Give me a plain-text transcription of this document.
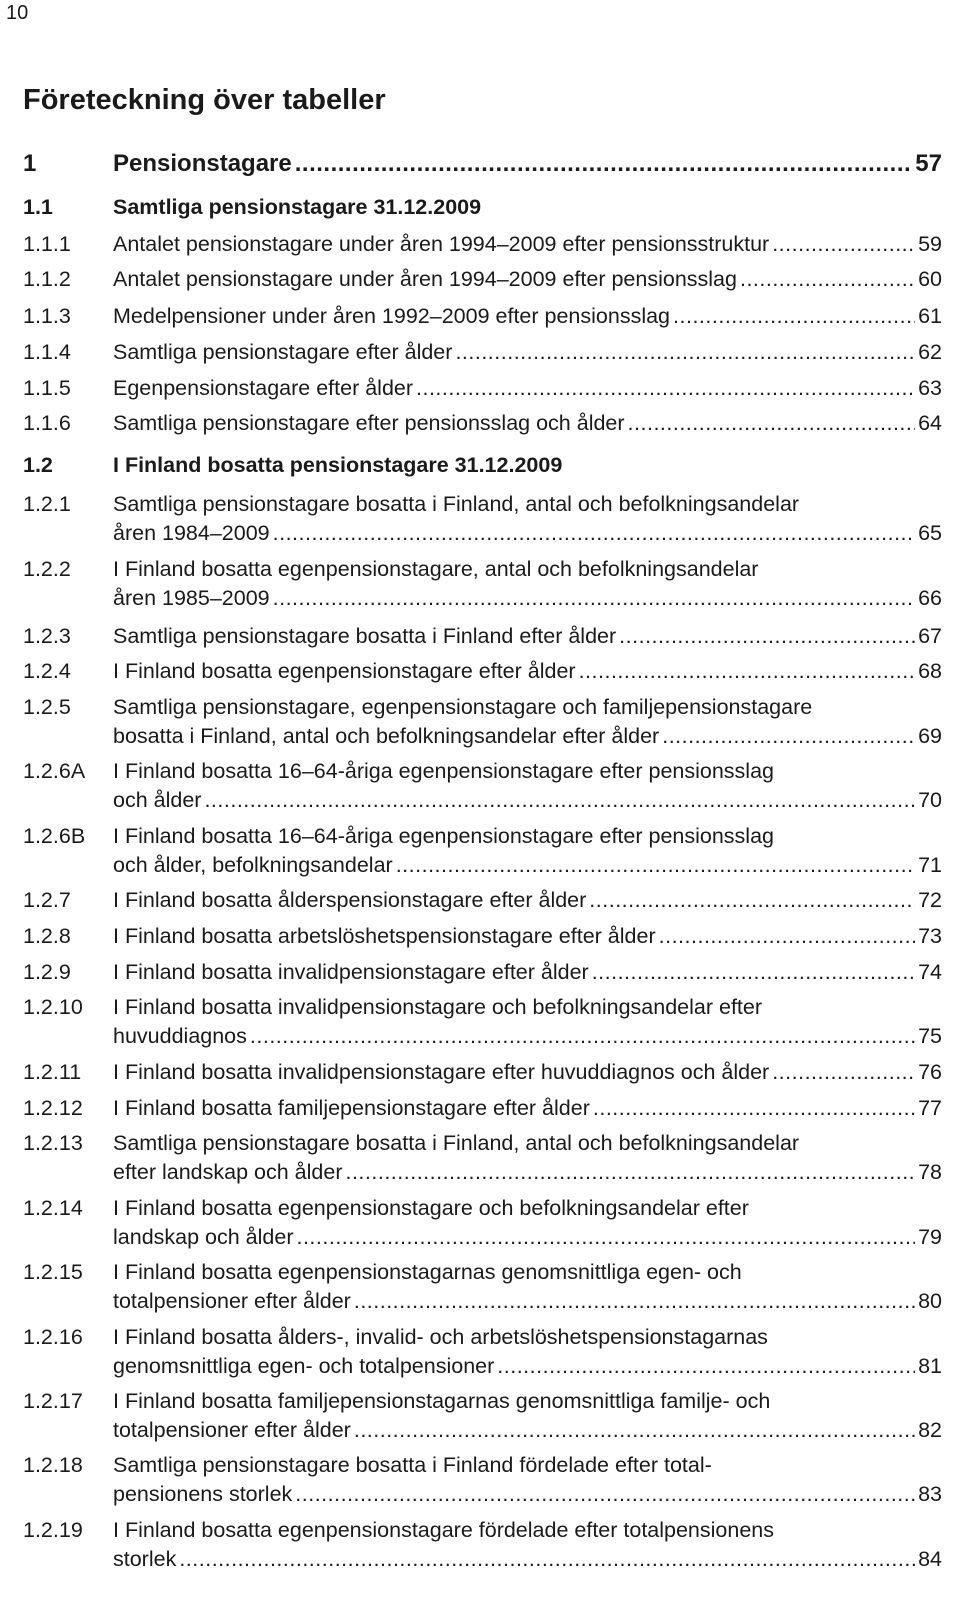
10
Företeckning över tabeller
1	Pensionstagare .....	57
1.1	Samtliga pensionstagare 31.12.2009
1.1.1 Antalet pensionstagare under åren 1994–2009 efter pensionsstruktur .....	59
1.1.2 Antalet pensionstagare under åren 1994–2009 efter pensionsslag .....	60
1.1.3 Medelpensioner under åren 1992–2009 efter pensionsslag .....	61
1.1.4 Samtliga pensionstagare efter ålder .....	62
1.1.5 Egenpensionstagare efter ålder .....	63
1.1.6 Samtliga pensionstagare efter pensionsslag och ålder .....	64
1.2	I Finland bosatta pensionstagare 31.12.2009
1.2.1 Samtliga pensionstagare bosatta i Finland, antal och befolkningsandelar
åren 1984–2009 .....	65
1.2.2 I Finland bosatta egenpensionstagare, antal och befolkningsandelar
åren 1985–2009 .....	66
1.2.3 Samtliga pensionstagare bosatta i Finland efter ålder .....	67
1.2.4 I Finland bosatta egenpensionstagare efter ålder .....	68
1.2.5 Samtliga pensionstagare, egenpensionstagare och familjepensionstagare
bosatta i Finland, antal och befolkningsandelar efter ålder .....	69
1.2.6A I Finland bosatta 16–64-åriga egenpensionstagare efter pensionsslag
och ålder .....	70
1.2.6B I Finland bosatta 16–64-åriga egenpensionstagare efter pensionsslag
och ålder, befolkningsandelar .....	71
1.2.7 I Finland bosatta ålderspensionstagare efter ålder .....	72
1.2.8 I Finland bosatta arbetslöshetspensionstagare efter ålder .....	73
1.2.9 I Finland bosatta invalidpensionstagare efter ålder .....	74
1.2.10 I Finland bosatta invalidpensionstagare och befolkningsandelar efter
huvuddiagnos .....	75
1.2.11 I Finland bosatta invalidpensionstagare efter huvuddiagnos och ålder .....	76
1.2.12 I Finland bosatta familjepensionstagare efter ålder .....	77
1.2.13 Samtliga pensionstagare bosatta i Finland, antal och befolkningsandelar
efter landskap och ålder .....	78
1.2.14 I Finland bosatta egenpensionstagare och befolkningsandelar efter
landskap och ålder .....	79
1.2.15 I Finland bosatta egenpensionstagarnas genomsnittliga egen- och
totalpensioner efter ålder .....	80
1.2.16 I Finland bosatta ålders-, invalid- och arbetslöshetspensionstagarnas
genomsnittliga egen- och totalpensioner .....	81
1.2.17 I Finland bosatta familjepensionstagarnas genomsnittliga familje- och
totalpensioner efter ålder .....	82
1.2.18 Samtliga pensionstagare bosatta i Finland fördelade efter total-
pensionens storlek .....	83
1.2.19 I Finland bosatta egenpensionstagare fördelade efter totalpensionens
storlek .....	84
